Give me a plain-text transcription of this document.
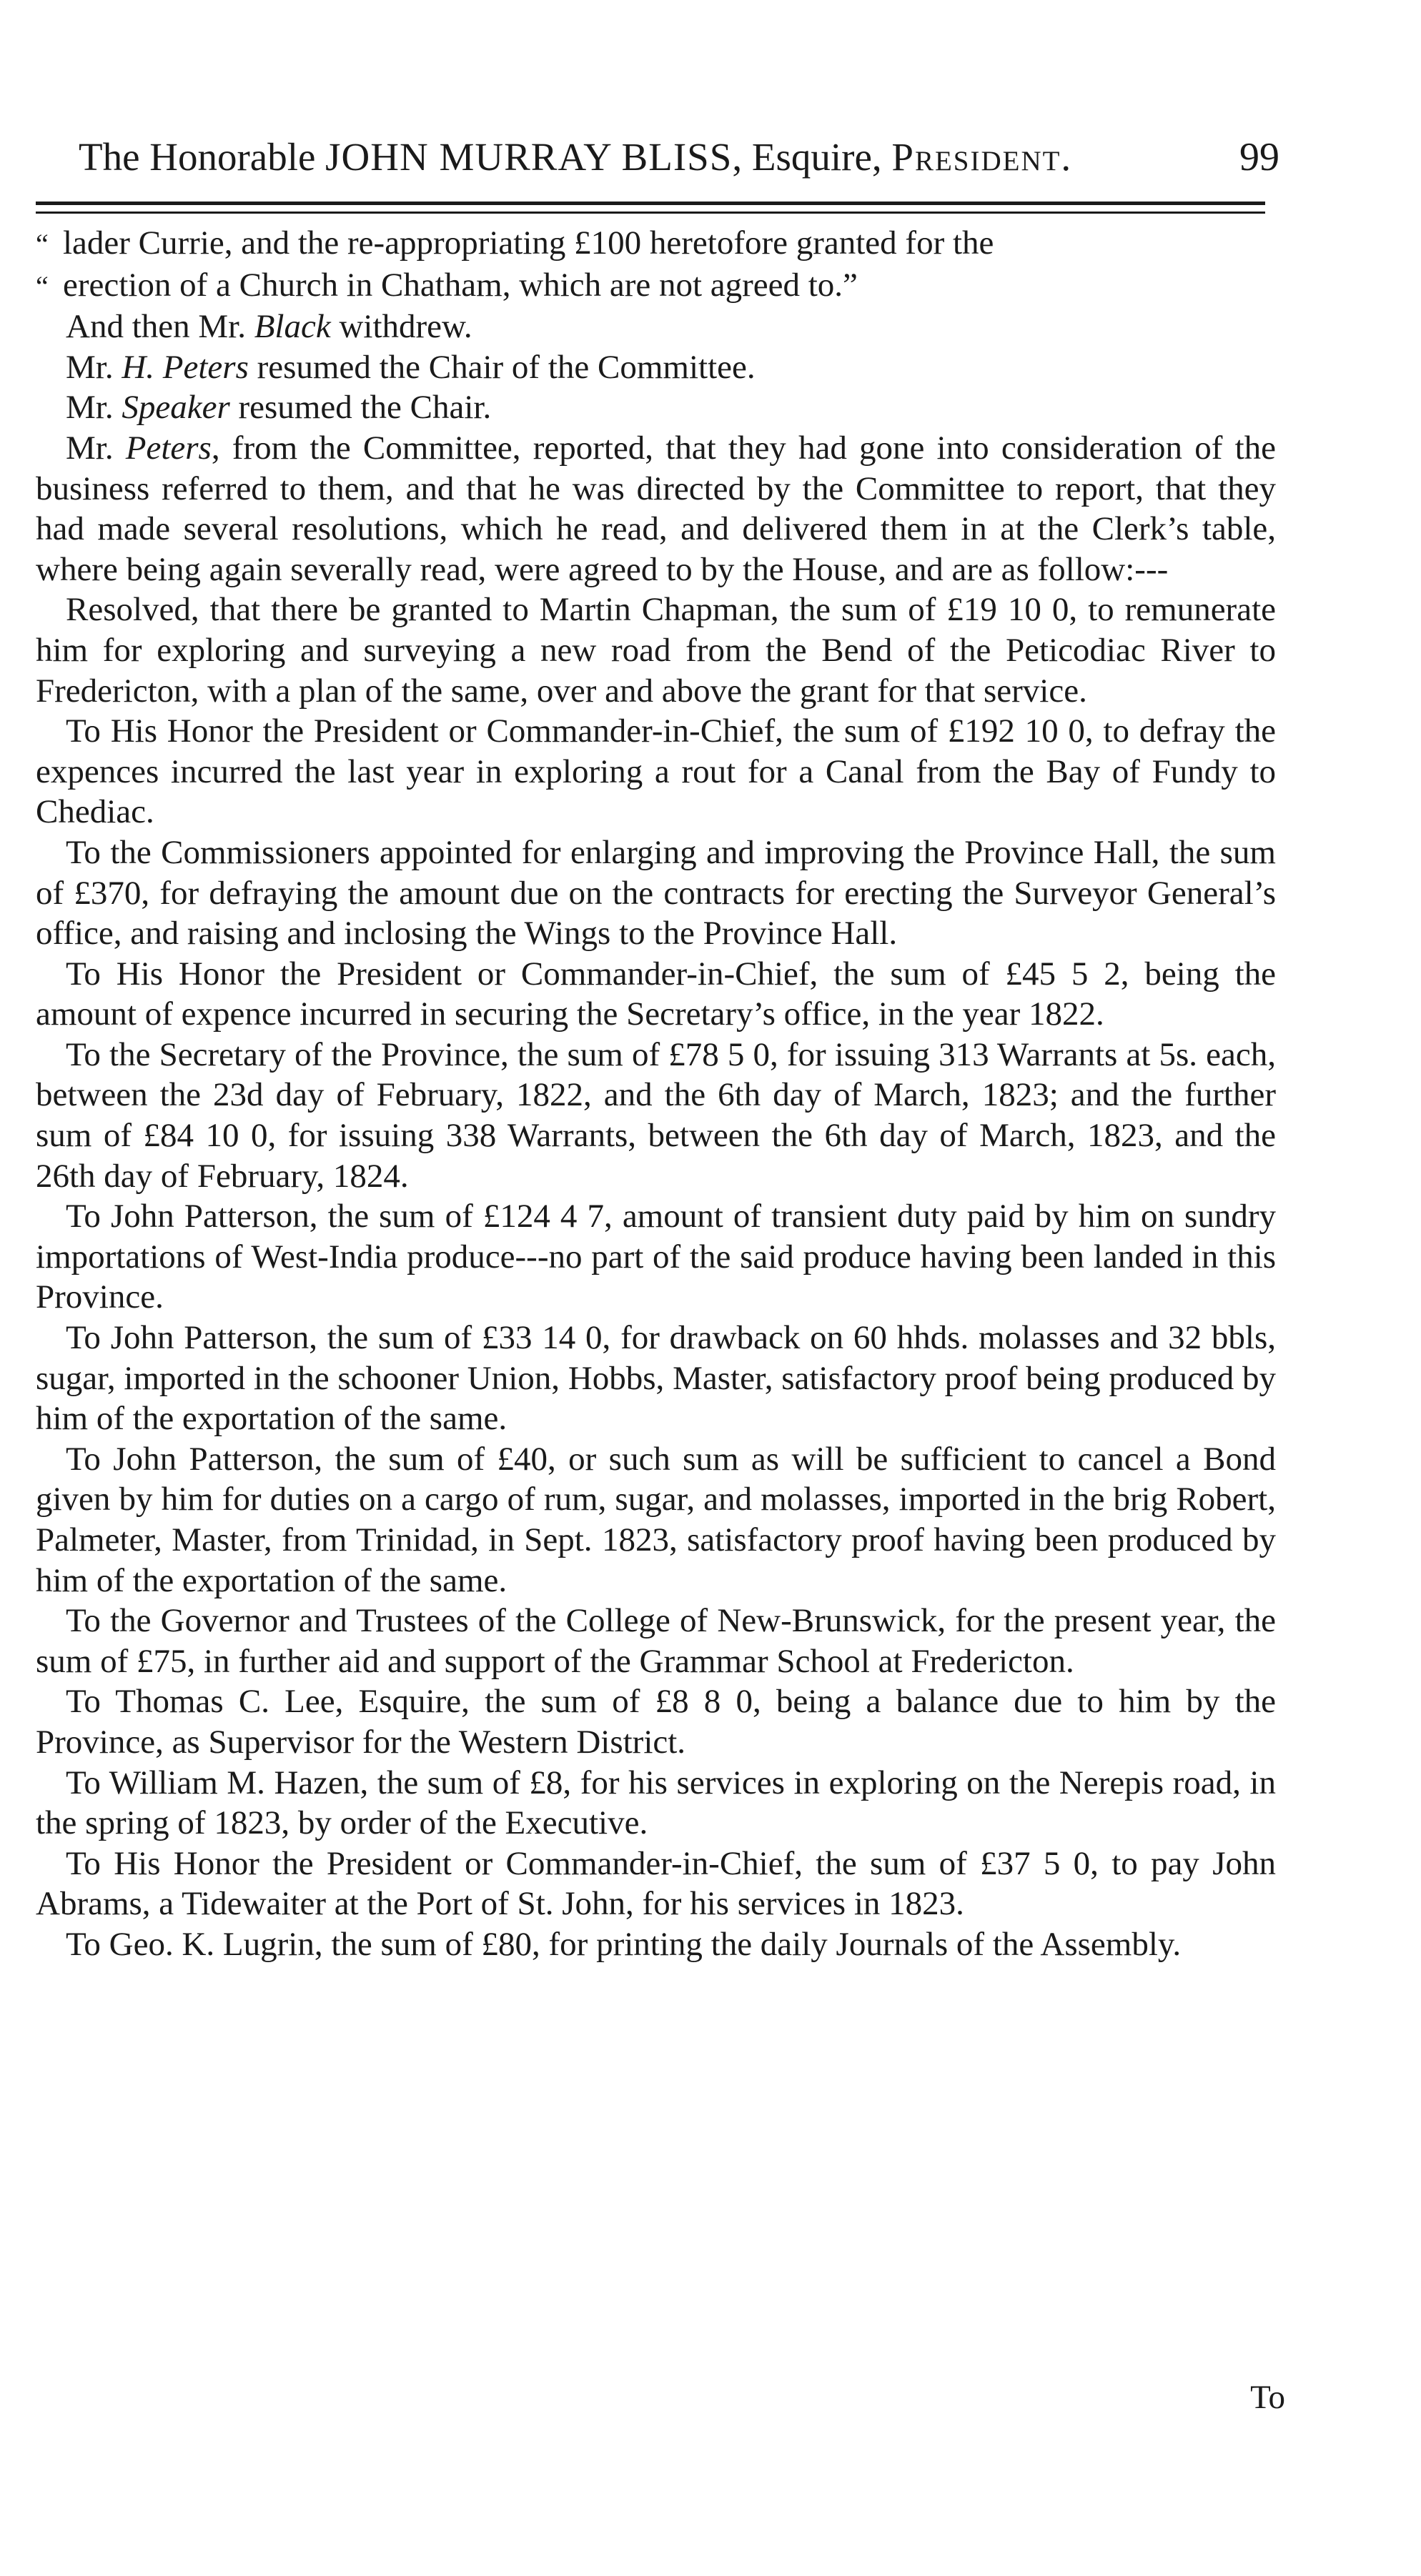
The Honorable JOHN MURRAY BLISS, Esquire, President.	99

“ lader Currie, and the re-appropriating £100 heretofore granted for the

“ erection of a Church in Chatham, which are not agreed to.”

And then Mr. Black withdrew.

Mr. H. Peters resumed the Chair of the Committee.

Mr. Speaker resumed the Chair.

Mr. Peters, from the Committee, reported, that they had gone into consideration of the business referred to them, and that he was directed by the Committee to report, that they had made several resolutions, which he read, and delivered them in at the Clerk’s table, where being again severally read, were agreed to by the House, and are as follow:---

Resolved, that there be granted to Martin Chapman, the sum of £19 10 0, to remunerate him for exploring and surveying a new road from the Bend of the Peticodiac River to Fredericton, with a plan of the same, over and above the grant for that service.

To His Honor the President or Commander-in-Chief, the sum of £192 10 0, to defray the expences incurred the last year in exploring a rout for a Canal from the Bay of Fundy to Chediac.

To the Commissioners appointed for enlarging and improving the Province Hall, the sum of £370, for defraying the amount due on the contracts for erecting the Surveyor General’s office, and raising and inclosing the Wings to the Province Hall.

To His Honor the President or Commander-in-Chief, the sum of £45 5 2, being the amount of expence incurred in securing the Secretary’s office, in the year 1822.

To the Secretary of the Province, the sum of £78 5 0, for issuing 313 Warrants at 5s. each, between the 23d day of February, 1822, and the 6th day of March, 1823; and the further sum of £84 10 0, for issuing 338 Warrants, between the 6th day of March, 1823, and the 26th day of February, 1824.

To John Patterson, the sum of £124 4 7, amount of transient duty paid by him on sundry importations of West-India produce---no part of the said produce having been landed in this Province.

To John Patterson, the sum of £33 14 0, for drawback on 60 hhds. molasses and 32 bbls, sugar, imported in the schooner Union, Hobbs, Master, satisfactory proof being produced by him of the exportation of the same.

To John Patterson, the sum of £40, or such sum as will be sufficient to cancel a Bond given by him for duties on a cargo of rum, sugar, and molasses, imported in the brig Robert, Palmeter, Master, from Trinidad, in Sept. 1823, satisfactory proof having been produced by him of the exportation of the same.

To the Governor and Trustees of the College of New-Brunswick, for the present year, the sum of £75, in further aid and support of the Grammar School at Fredericton.

To Thomas C. Lee, Esquire, the sum of £8 8 0, being a balance due to him by the Province, as Supervisor for the Western District.

To William M. Hazen, the sum of £8, for his services in exploring on the Nerepis road, in the spring of 1823, by order of the Executive.

To His Honor the President or Commander-in-Chief, the sum of £37 5 0, to pay John Abrams, a Tidewaiter at the Port of St. John, for his services in 1823.

To Geo. K. Lugrin, the sum of £80, for printing the daily Journals of the Assembly.

To
